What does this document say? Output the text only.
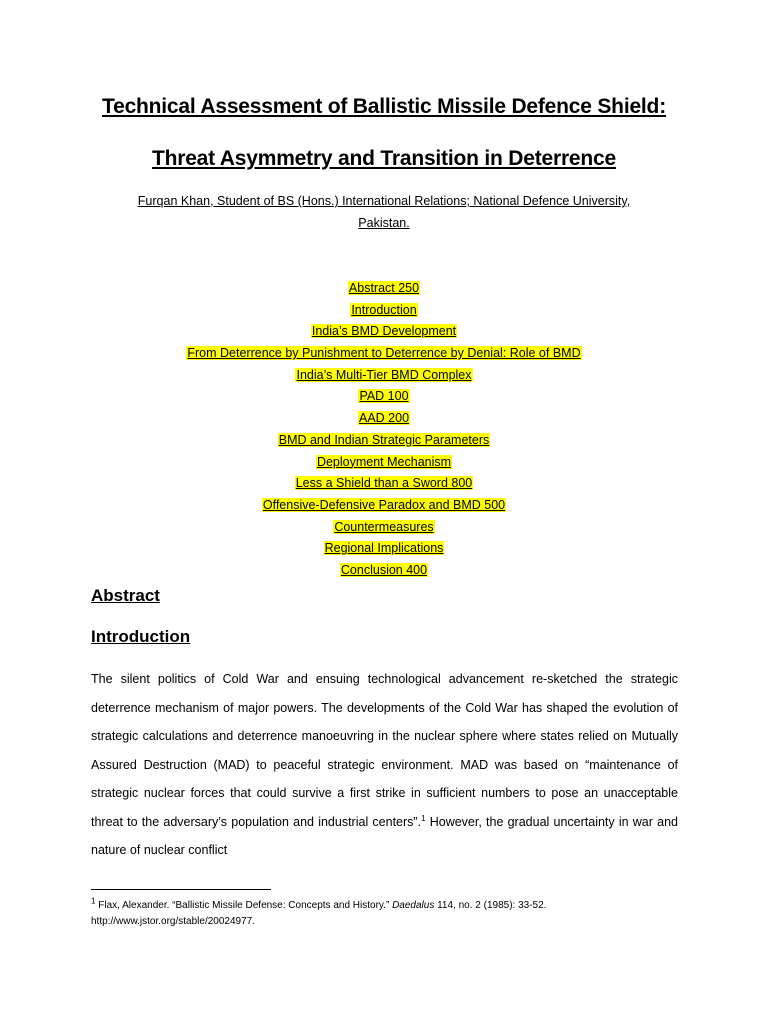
Technical Assessment of Ballistic Missile Defence Shield:
Threat Asymmetry and Transition in Deterrence
Furqan Khan, Student of BS (Hons.) International Relations; National Defence University,
Pakistan.
Abstract 250
Introduction
India’s BMD Development
From Deterrence by Punishment to Deterrence by Denial: Role of BMD
India’s Multi-Tier BMD Complex
PAD 100
AAD 200
BMD and Indian Strategic Parameters
Deployment Mechanism
Less a Shield than a Sword 800
Offensive-Defensive Paradox and BMD 500
Countermeasures
Regional Implications
Conclusion 400
Abstract
Introduction

The silent politics of Cold War and ensuing technological advancement re-sketched the strategic deterrence mechanism of major powers. The developments of the Cold War has shaped the evolution of strategic calculations and deterrence manoeuvring in the nuclear sphere where states relied on Mutually Assured Destruction (MAD) to peaceful strategic environment. MAD was based on “maintenance of strategic nuclear forces that could survive a first strike in sufficient numbers to pose an unacceptable threat to the adversary’s population and industrial centers”.$^1$ However, the gradual uncertainty in war and nature of nuclear conflict

$^1$ Flax, Alexander. “Ballistic Missile Defense: Concepts and History.” Daedalus 114, no. 2 (1985): 33-52.
http://www.jstor.org/stable/20024977.
